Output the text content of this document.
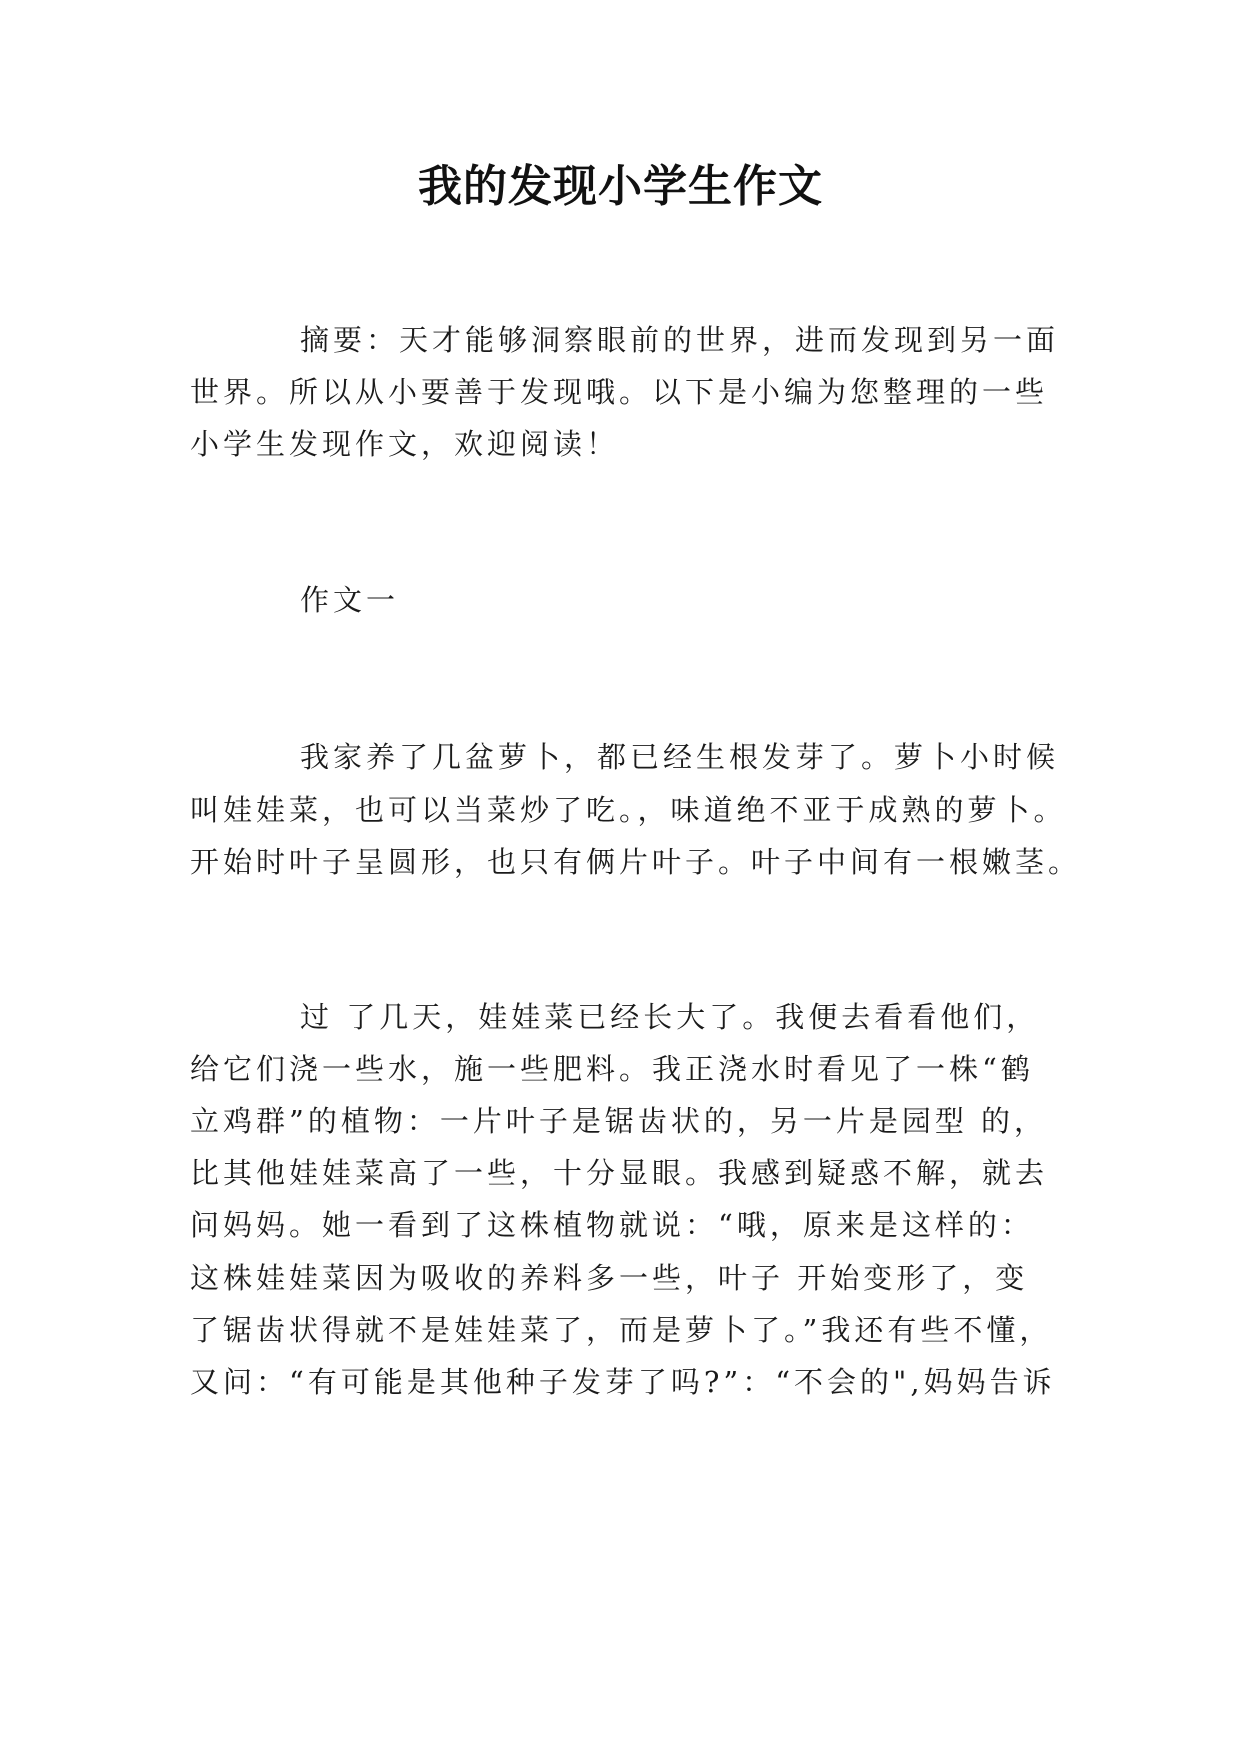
我的发现小学生作文
摘要：天才能够洞察眼前的世界，进而发现到另一面
世界。所以从小要善于发现哦。以下是小编为您整理的一些
小学生发现作文，欢迎阅读！
作文一
我家养了几盆萝卜，都已经生根发芽了。萝卜小时候
叫娃娃菜，也可以当菜炒了吃。，味道绝不亚于成熟的萝卜。
开始时叶子呈圆形，也只有俩片叶子。叶子中间有一根嫩茎。
过 了几天，娃娃菜已经长大了。我便去看看他们，
给它们浇一些水，施一些肥料。我正浇水时看见了一株“鹤
立鸡群”的植物：一片叶子是锯齿状的，另一片是园型 的，
比其他娃娃菜高了一些，十分显眼。我感到疑惑不解，就去
问妈妈。她一看到了这株植物就说：“哦，原来是这样的：
这株娃娃菜因为吸收的养料多一些，叶子 开始变形了，变
了锯齿状得就不是娃娃菜了，而是萝卜了。”我还有些不懂，
又问：“有可能是其他种子发芽了吗?”：“不会的",妈妈告诉
